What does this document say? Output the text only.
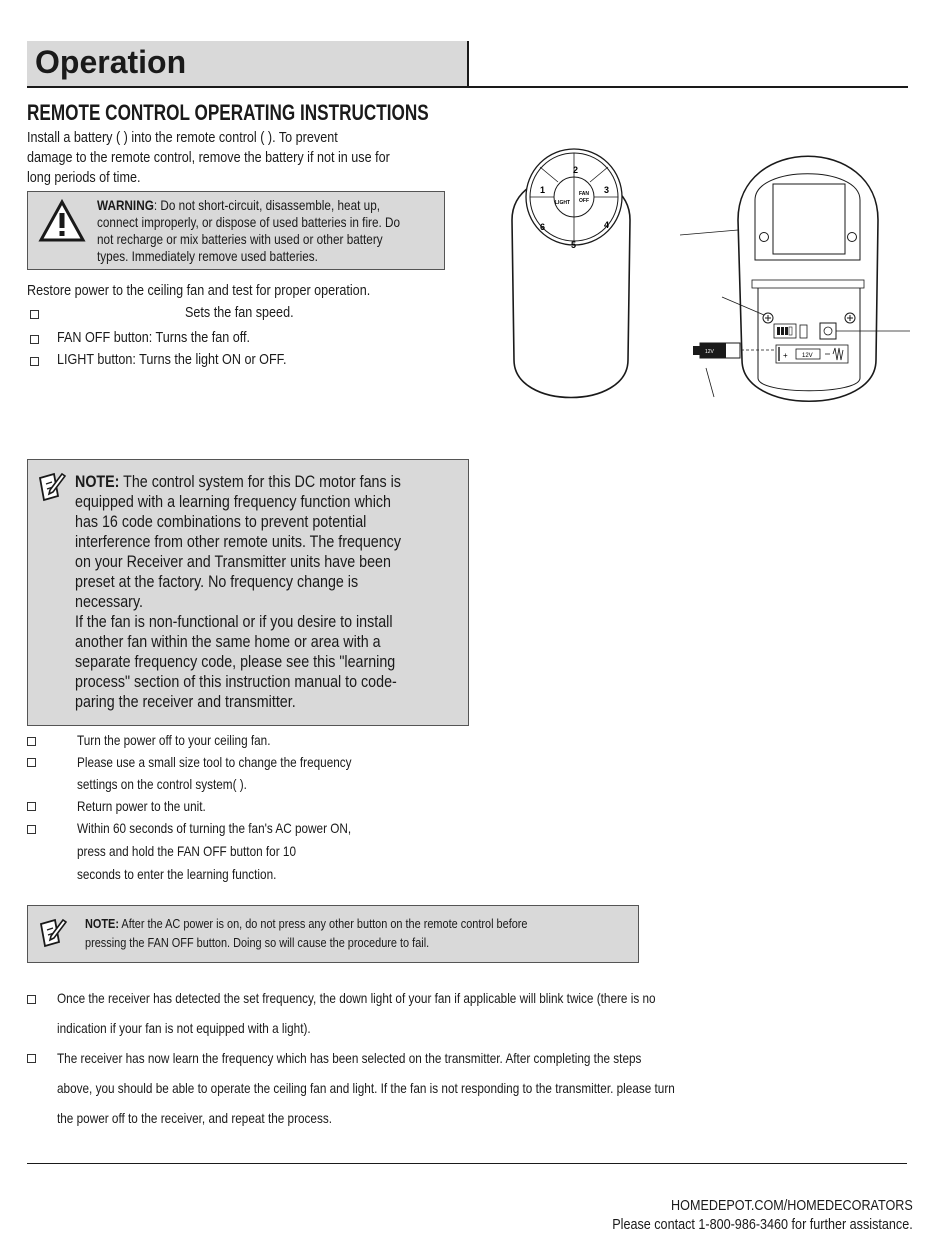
Operation
REMOTE CONTROL OPERATING INSTRUCTIONS
Install a battery ( ) into the remote control ( ). To prevent
damage to the remote control, remove the battery if not in use for
long periods of time.
WARNING: Do not short-circuit, disassemble, heat up,
connect improperly, or dispose of used batteries in fire. Do
not recharge or mix batteries with used or other battery
types. Immediately remove used batteries.
Restore power to the ceiling fan and test for proper operation.
Sets the fan speed.
FAN OFF button: Turns the fan off.
LIGHT button: Turns the light ON or OFF.
2
1	3
4
5
6
LIGHT
FAN
OFF
12V
+
12V
NOTE: The control system for this DC motor fans is
equipped with a learning frequency function which
has 16 code combinations to prevent potential
interference from other remote units. The frequency
on your Receiver and Transmitter units have been
preset at the factory. No frequency change is
necessary.
If the fan is non-functional or if you desire to install
another fan within the same home or area with a
separate frequency code, please see this "learning
process" section of this instruction manual to code-
paring the receiver and transmitter.
Turn the power off to your ceiling fan.
Please use a small size tool to change the frequency
settings on the control system( ).
Return power to the unit.
Within 60 seconds of turning the fan's AC power ON,
press and hold the FAN OFF button for 10
seconds to enter the learning function.
NOTE: After the AC power is on, do not press any other button on the remote control before
pressing the FAN OFF button. Doing so will cause the procedure to fail.
Once the receiver has detected the set frequency, the down light of your fan if applicable will blink twice (there is no
indication if your fan is not equipped with a light).
The receiver has now learn the frequency which has been selected on the transmitter. After completing the steps
above, you should be able to operate the ceiling fan and light. If the fan is not responding to the transmitter. please turn
the power off to the receiver, and repeat the process.
HOMEDEPOT.COM/HOMEDECORATORS
Please contact 1-800-986-3460 for further assistance.
